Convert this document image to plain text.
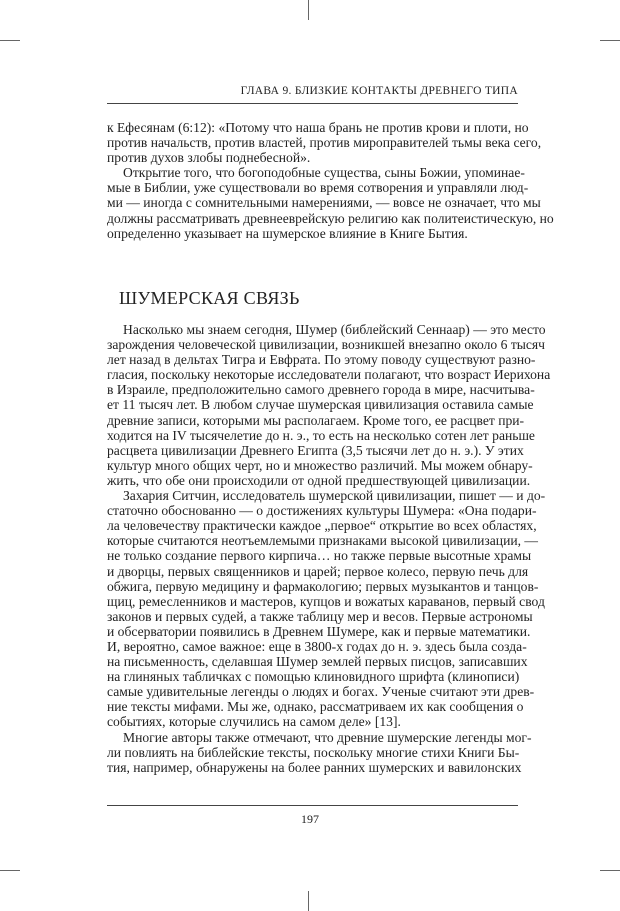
ГЛАВА 9. БЛИЗКИЕ КОНТАКТЫ ДРЕВНЕГО ТИПА
к Ефесянам (6:12): «Потому что наша брань не против крови и плоти, но
против начальств, против властей, против мироправителей тьмы века сего,
против духов злобы поднебесной».
Открытие того, что богоподобные существа, сыны Божии, упоминае-
мые в Библии, уже существовали во время сотворения и управляли люд-
ми — иногда с сомнительными намерениями, — вовсе не означает, что мы
должны рассматривать древнееврейскую религию как политеистическую, но
определенно указывает на шумерское влияние в Книге Бытия.
ШУМЕРСКАЯ СВЯЗЬ
Насколько мы знаем сегодня, Шумер (библейский Сеннаар) — это место
зарождения человеческой цивилизации, возникшей внезапно около 6 тысяч
лет назад в дельтах Тигра и Евфрата. По этому поводу существуют разно-
гласия, поскольку некоторые исследователи полагают, что возраст Иерихона
в Израиле, предположительно самого древнего города в мире, насчитыва-
ет 11 тысяч лет. В любом случае шумерская цивилизация оставила самые
древние записи, которыми мы располагаем. Кроме того, ее расцвет при-
ходится на IV тысячелетие до н. э., то есть на несколько сотен лет раньше
расцвета цивилизации Древнего Египта (3,5 тысячи лет до н. э.). У этих
культур много общих черт, но и множество различий. Мы можем обнару-
жить, что обе они происходили от одной предшествующей цивилизации.
Захария Ситчин, исследователь шумерской цивилизации, пишет — и до-
статочно обоснованно — о достижениях культуры Шумера: «Она подари-
ла человечеству практически каждое „первое“ открытие во всех областях,
которые считаются неотъемлемыми признаками высокой цивилизации, —
не только создание первого кирпича… но также первые высотные храмы
и дворцы, первых священников и царей; первое колесо, первую печь для
обжига, первую медицину и фармакологию; первых музыкантов и танцов-
щиц, ремесленников и мастеров, купцов и вожатых караванов, первый свод
законов и первых судей, а также таблицу мер и весов. Первые астрономы
и обсерватории появились в Древнем Шумере, как и первые математики.
И, вероятно, самое важное: еще в 3800-х годах до н. э. здесь была созда-
на письменность, сделавшая Шумер землей первых писцов, записавших
на глиняных табличках с помощью клиновидного шрифта (клинописи)
самые удивительные легенды о людях и богах. Ученые считают эти древ-
ние тексты мифами. Мы же, однако, рассматриваем их как сообщения о
событиях, которые случились на самом деле» [13].
Многие авторы также отмечают, что древние шумерские легенды мог-
ли повлиять на библейские тексты, поскольку многие стихи Книги Бы-
тия, например, обнаружены на более ранних шумерских и вавилонских
197
